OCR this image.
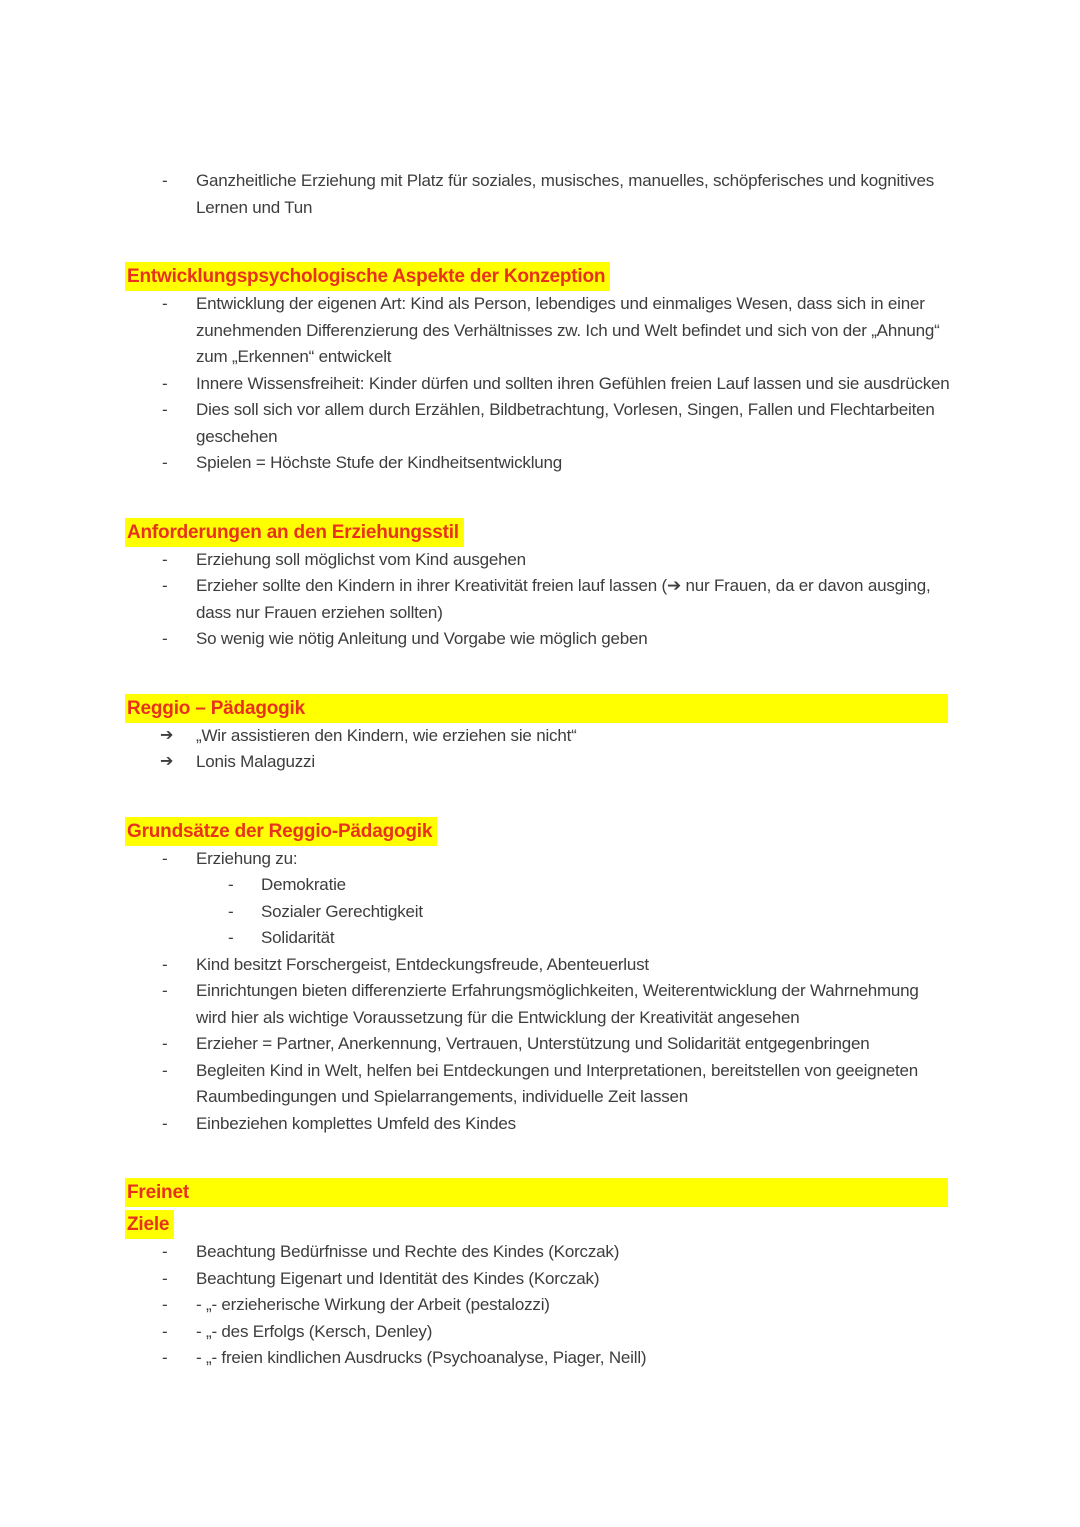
- Ganzheitliche Erziehung mit Platz für soziales, musisches, manuelles, schöpferisches und kognitives Lernen und Tun
Entwicklungspsychologische Aspekte der Konzeption
- Entwicklung der eigenen Art: Kind als Person, lebendiges und einmaliges Wesen, dass sich in einer zunehmenden Differenzierung des Verhältnisses zw. Ich und Welt befindet und sich von der „Ahnung“ zum „Erkennen“ entwickelt
- Innere Wissensfreiheit: Kinder dürfen und sollten ihren Gefühlen freien Lauf lassen und sie ausdrücken
- Dies soll sich vor allem durch Erzählen, Bildbetrachtung, Vorlesen, Singen, Fallen und Flechtarbeiten geschehen
- Spielen = Höchste Stufe der Kindheitsentwicklung
Anforderungen an den Erziehungsstil
- Erziehung soll möglichst vom Kind ausgehen
- Erzieher sollte den Kindern in ihrer Kreativität freien lauf lassen (➔ nur Frauen, da er davon ausging, dass nur Frauen erziehen sollten)
- So wenig wie nötig Anleitung und Vorgabe wie möglich geben
Reggio – Pädagogik
➔ „Wir assistieren den Kindern, wie erziehen sie nicht“
➔ Lonis Malaguzzi
Grundsätze der Reggio-Pädagogik
- Erziehung zu:
- Demokratie
- Sozialer Gerechtigkeit
- Solidarität
- Kind besitzt Forschergeist, Entdeckungsfreude, Abenteuerlust
- Einrichtungen bieten differenzierte Erfahrungsmöglichkeiten, Weiterentwicklung der Wahrnehmung wird hier als wichtige Voraussetzung für die Entwicklung der Kreativität angesehen
- Erzieher = Partner, Anerkennung, Vertrauen, Unterstützung und Solidarität entgegenbringen
- Begleiten Kind in Welt, helfen bei Entdeckungen und Interpretationen, bereitstellen von geeigneten Raumbedingungen und Spielarrangements, individuelle Zeit lassen
- Einbeziehen komplettes Umfeld des Kindes
Freinet
Ziele
- Beachtung Bedürfnisse und Rechte des Kindes (Korczak)
- Beachtung Eigenart und Identität des Kindes (Korczak)
- - „- erzieherische Wirkung der Arbeit (pestalozzi)
- - „- des Erfolgs (Kersch, Denley)
- - „- freien kindlichen Ausdrucks (Psychoanalyse, Piager, Neill)
